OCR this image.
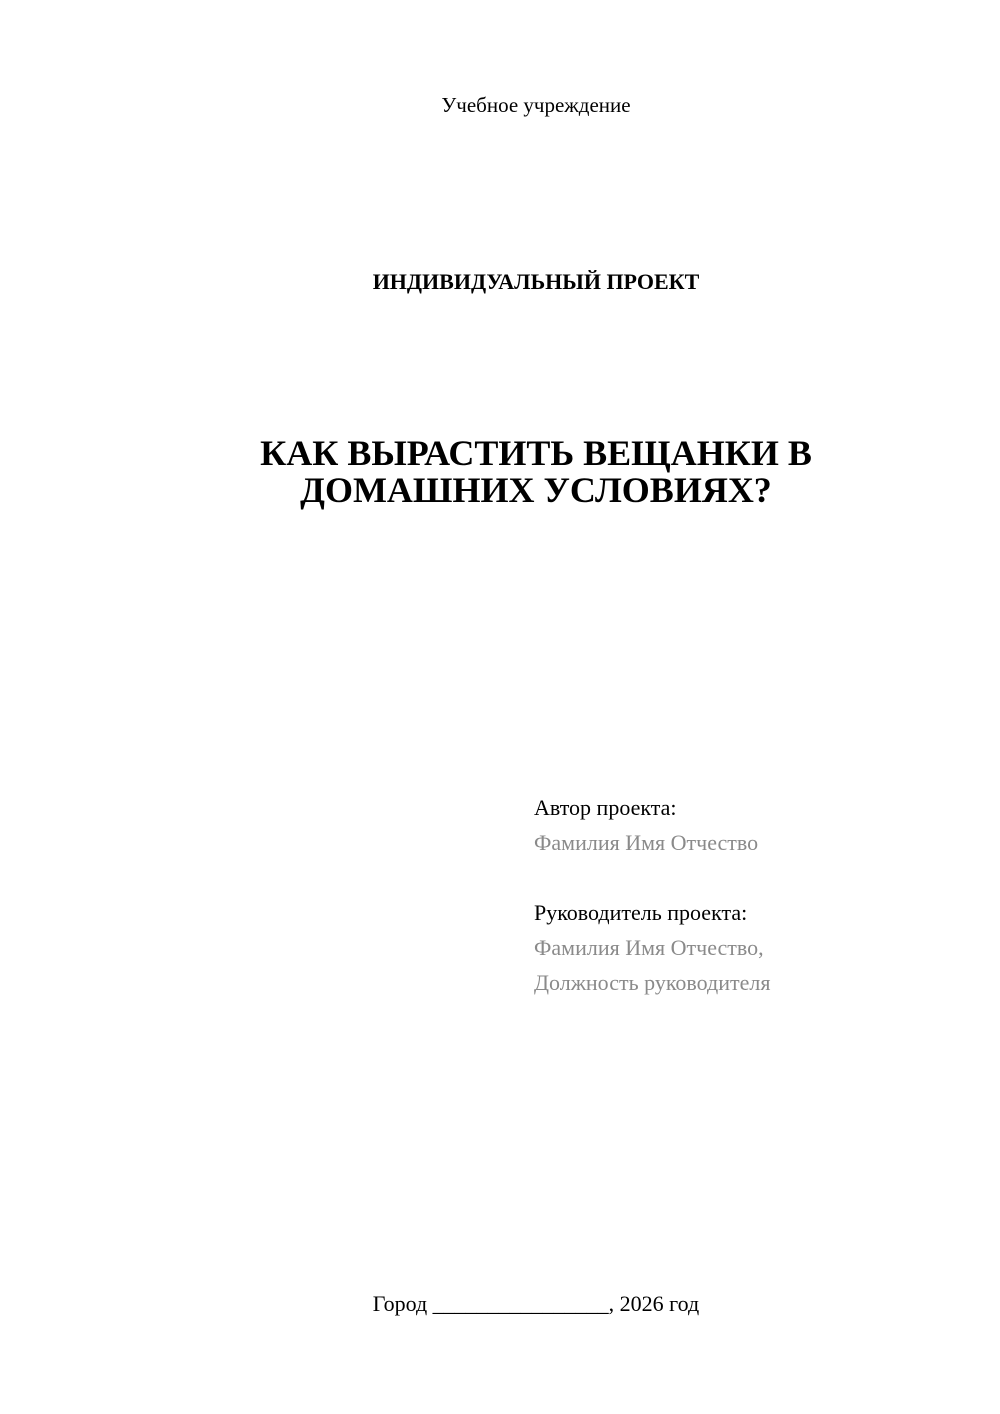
Учебное учреждение
ИНДИВИДУАЛЬНЫЙ ПРОЕКТ
КАК ВЫРАСТИТЬ ВЕЩАНКИ В
ДОМАШНИХ УСЛОВИЯХ?
Автор проекта:
Фамилия Имя Отчество
Руководитель проекта:
Фамилия Имя Отчество,
Должность руководителя
Город ________________, 2026 год
